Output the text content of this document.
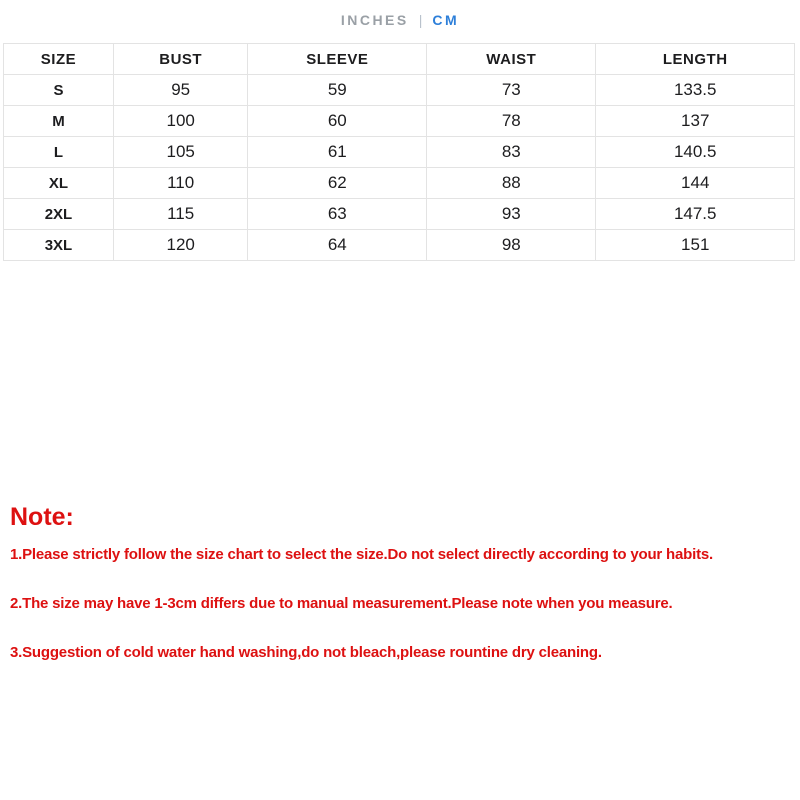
INCHES | CM
SIZE	BUST	SLEEVE	WAIST	LENGTH
S	95	59	73	133.5
M	100	60	78	137
L	105	61	83	140.5
XL	110	62	88	144
2XL	115	63	93	147.5
3XL	120	64	98	151
Note:
1.Please strictly follow the size chart to select the size.Do not select directly according to your habits.
2.The size may have 1-3cm differs due to manual measurement.Please note when you measure.
3.Suggestion of cold water hand washing,do not bleach,please rountine dry cleaning.
